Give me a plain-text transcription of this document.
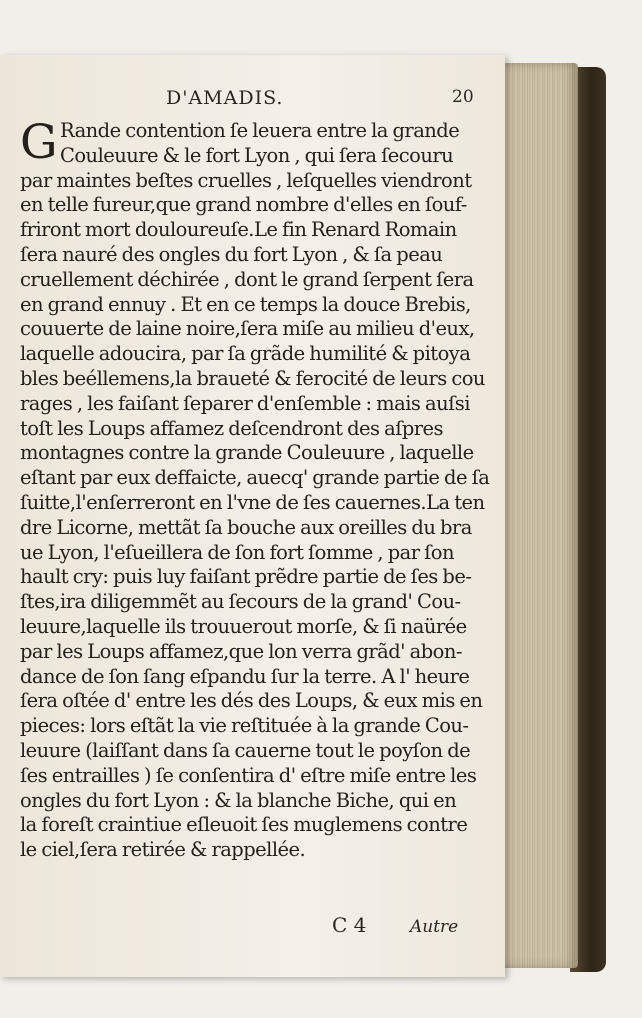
D'AMADIS.	20
G Rande contention ſe leuera entre la grande
Couleuure & le fort Lyon , qui ſera ſecouru
par maintes beſtes cruelles , leſquelles viendront
en telle fureur,que grand nombre d'elles en ſouf-
friront mort douloureuſe.Le fin Renard Romain
ſera nauré des ongles du fort Lyon , & ſa peau
cruellement déchirée , dont le grand ſerpent ſera
en grand ennuy . Et en ce temps la douce Brebis,
couuerte de laine noire,ſera miſe au milieu d'eux,
laquelle adoucira, par ſa grãde humilité & pitoya
bles beéllemens,la braueté & ferocité de leurs cou
rages , les faiſant ſeparer d'enſemble : mais auſsi
toſt les Loups affamez deſcendront des aſpres
montagnes contre la grande Couleuure , laquelle
eſtant par eux deffaicte, auecq' grande partie de ſa
ſuitte,l'enſerreront en l'vne de ſes cauernes.La ten
dre Licorne, mettãt ſa bouche aux oreilles du bra
ue Lyon, l'eſueillera de ſon fort ſomme , par ſon
hault cry: puis luy faiſant prẽdre partie de ſes be-
ſtes,ira diligemmẽt au ſecours de la grand' Cou-
leuure,laquelle ils trouuerout morſe, & ſi naürée
par les Loups affamez,que lon verra grãd' abon-
dance de ſon ſang eſpandu ſur la terre. A l' heure
ſera oſtée d' entre les dés des Loups, & eux mis en
pieces: lors eſtãt la vie reſtituée à la grande Cou-
leuure (laiſſant dans ſa cauerne tout le poyſon de
ſes entrailles ) ſe conſentira d' eſtre miſe entre les
ongles du fort Lyon : & la blanche Biche, qui en
la foreſt craintiue eſleuoit ſes muglemens contre
le ciel,ſera retirée & rappellée.
C 4	Autre
